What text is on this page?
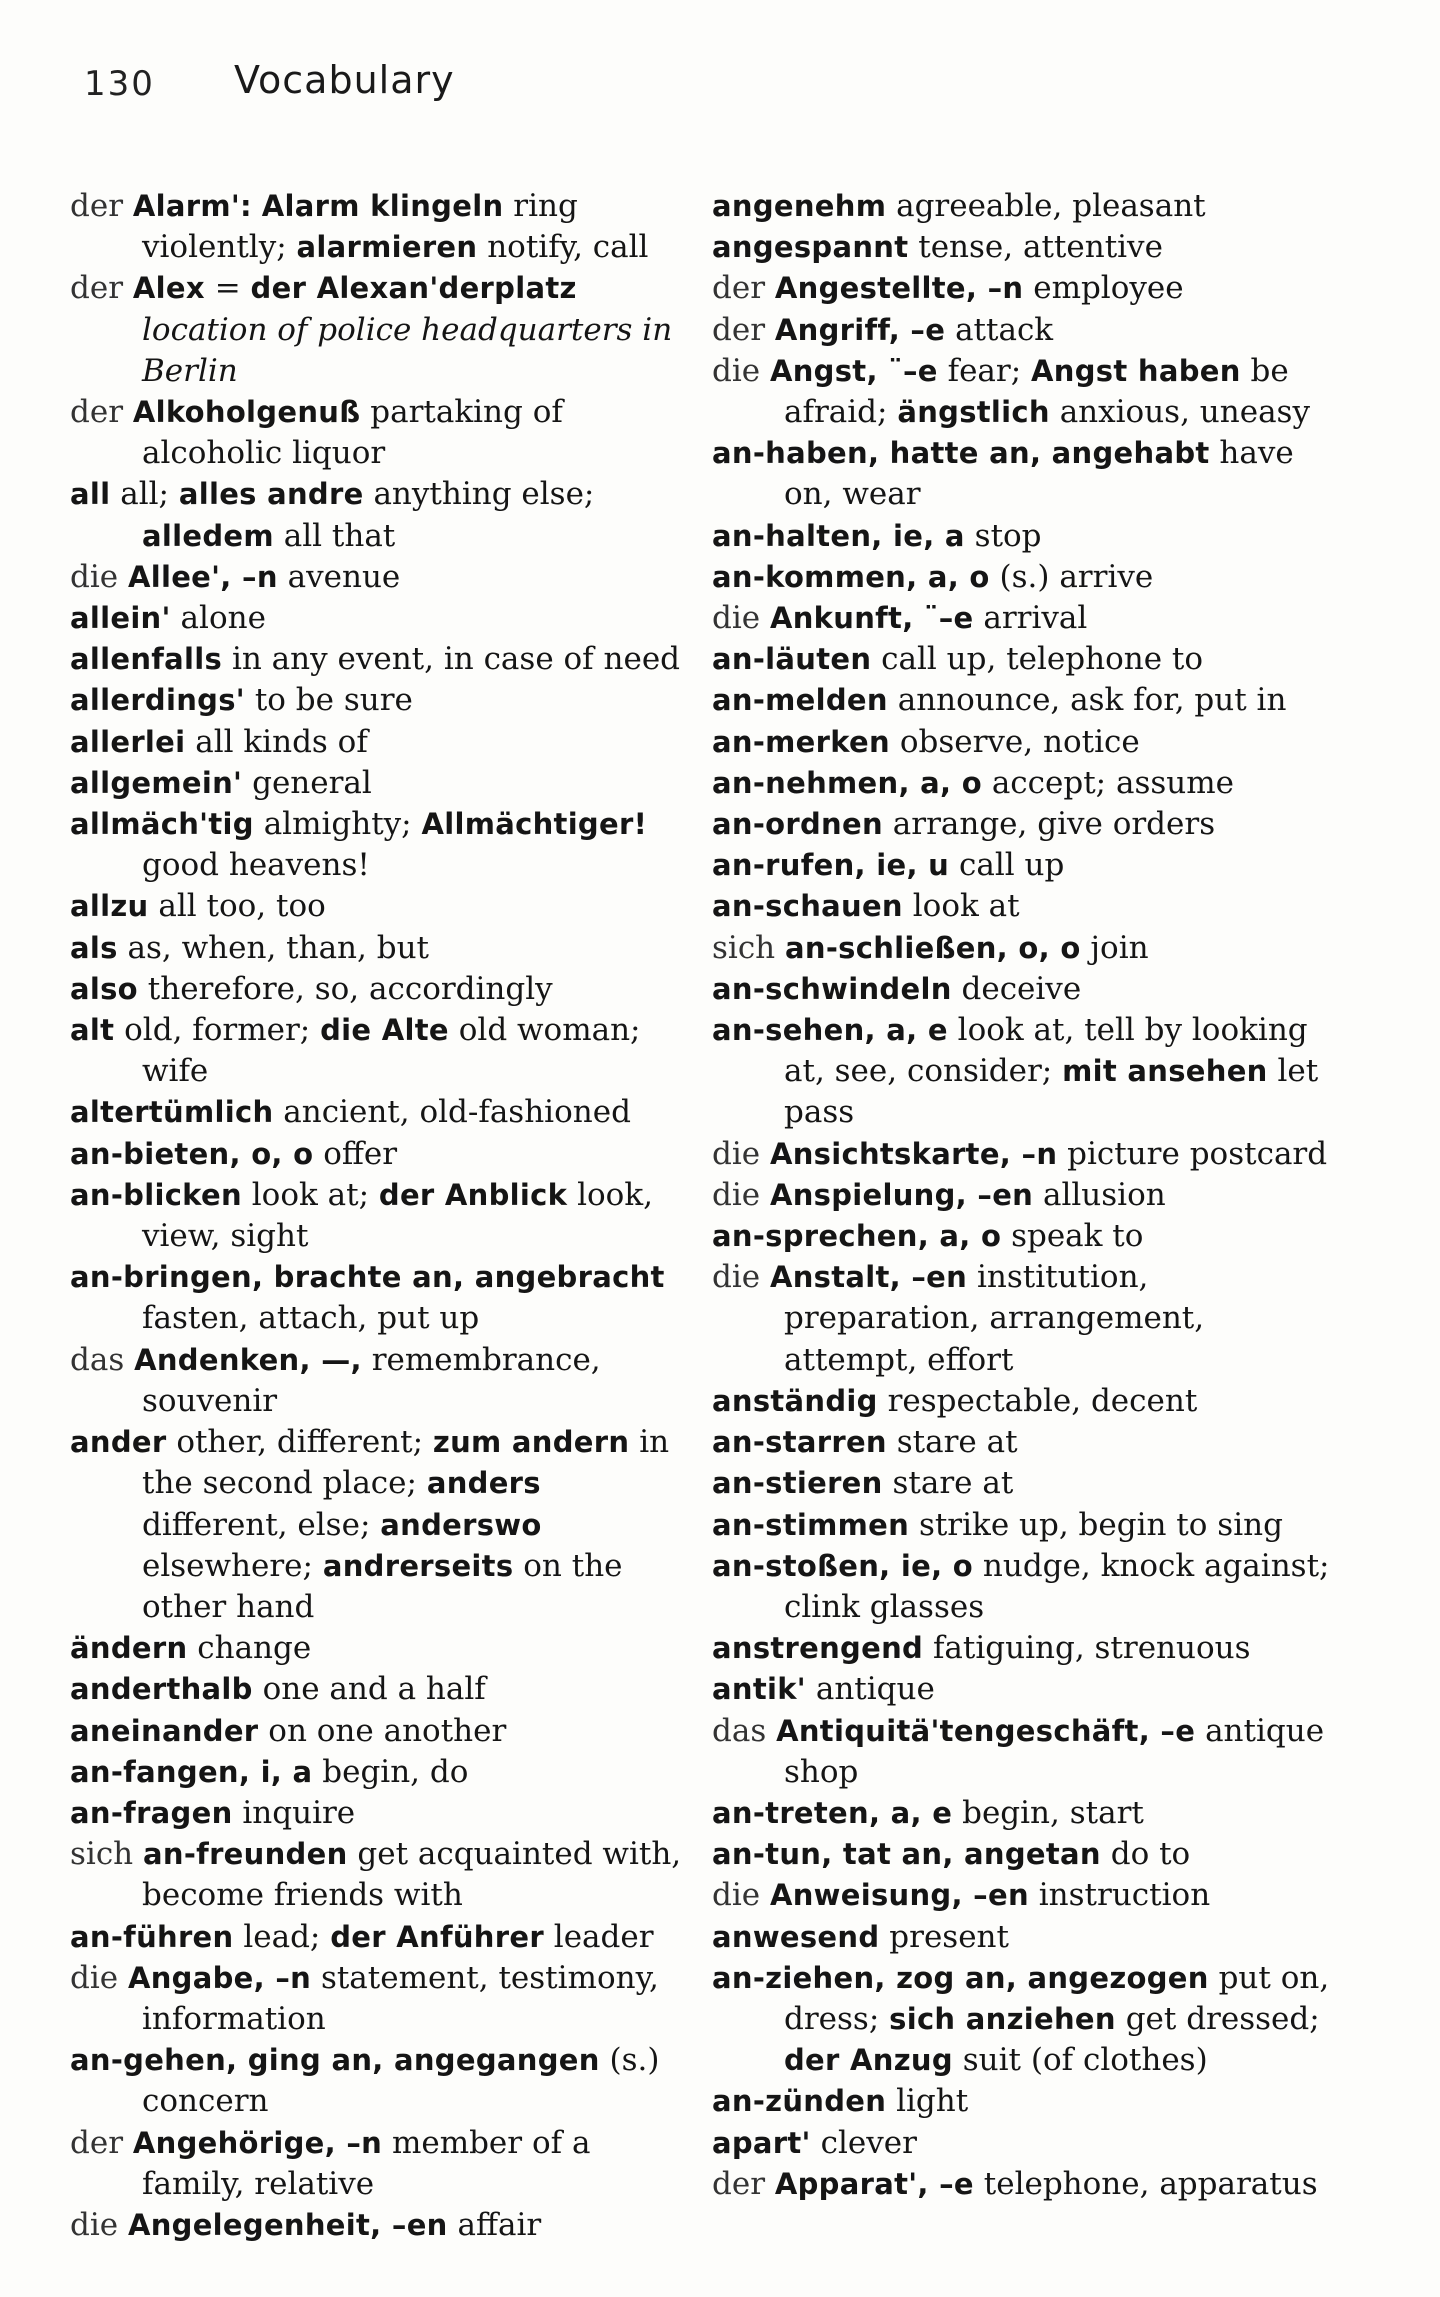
130 Vocabulary
der Alarm': Alarm klingeln ring violently; alarmieren notify, call
der Alex = der Alexan'derplatz location of police headquarters in Berlin
der Alkoholgenuß partaking of alcoholic liquor
all all; alles andre anything else; alledem all that
die Allee', –n avenue
allein' alone
allenfalls in any event, in case of need
allerdings' to be sure
allerlei all kinds of
allgemein' general
allmäch'tig almighty; Allmächtiger! good heavens!
allzu all too, too
als as, when, than, but
also therefore, so, accordingly
alt old, former; die Alte old woman; wife
altertümlich ancient, old-fashioned
an-bieten, o, o offer
an-blicken look at; der Anblick look, view, sight
an-bringen, brachte an, angebracht fasten, attach, put up
das Andenken, —, remembrance, souvenir
ander other, different; zum andern in the second place; anders different, else; anderswo elsewhere; andrerseits on the other hand
ändern change
anderthalb one and a half
aneinander on one another
an-fangen, i, a begin, do
an-fragen inquire
sich an-freunden get acquainted with, become friends with
an-führen lead; der Anführer leader
die Angabe, –n statement, testimony, information
an-gehen, ging an, angegangen (s.) concern
der Angehörige, –n member of a family, relative
die Angelegenheit, –en affair
angenehm agreeable, pleasant
angespannt tense, attentive
der Angestellte, –n employee
der Angriff, –e attack
die Angst, ¨–e fear; Angst haben be afraid; ängstlich anxious, uneasy
an-haben, hatte an, angehabt have on, wear
an-halten, ie, a stop
an-kommen, a, o (s.) arrive
die Ankunft, ¨–e arrival
an-läuten call up, telephone to
an-melden announce, ask for, put in
an-merken observe, notice
an-nehmen, a, o accept; assume
an-ordnen arrange, give orders
an-rufen, ie, u call up
an-schauen look at
sich an-schließen, o, o join
an-schwindeln deceive
an-sehen, a, e look at, tell by looking at, see, consider; mit ansehen let pass
die Ansichtskarte, –n picture postcard
die Anspielung, –en allusion
an-sprechen, a, o speak to
die Anstalt, –en institution, preparation, arrangement, attempt, effort
anständig respectable, decent
an-starren stare at
an-stieren stare at
an-stimmen strike up, begin to sing
an-stoßen, ie, o nudge, knock against; clink glasses
anstrengend fatiguing, strenuous
antik' antique
das Antiquitä'tengeschäft, –e antique shop
an-treten, a, e begin, start
an-tun, tat an, angetan do to
die Anweisung, –en instruction
anwesend present
an-ziehen, zog an, angezogen put on, dress; sich anziehen get dressed; der Anzug suit (of clothes)
an-zünden light
apart' clever
der Apparat', –e telephone, apparatus
